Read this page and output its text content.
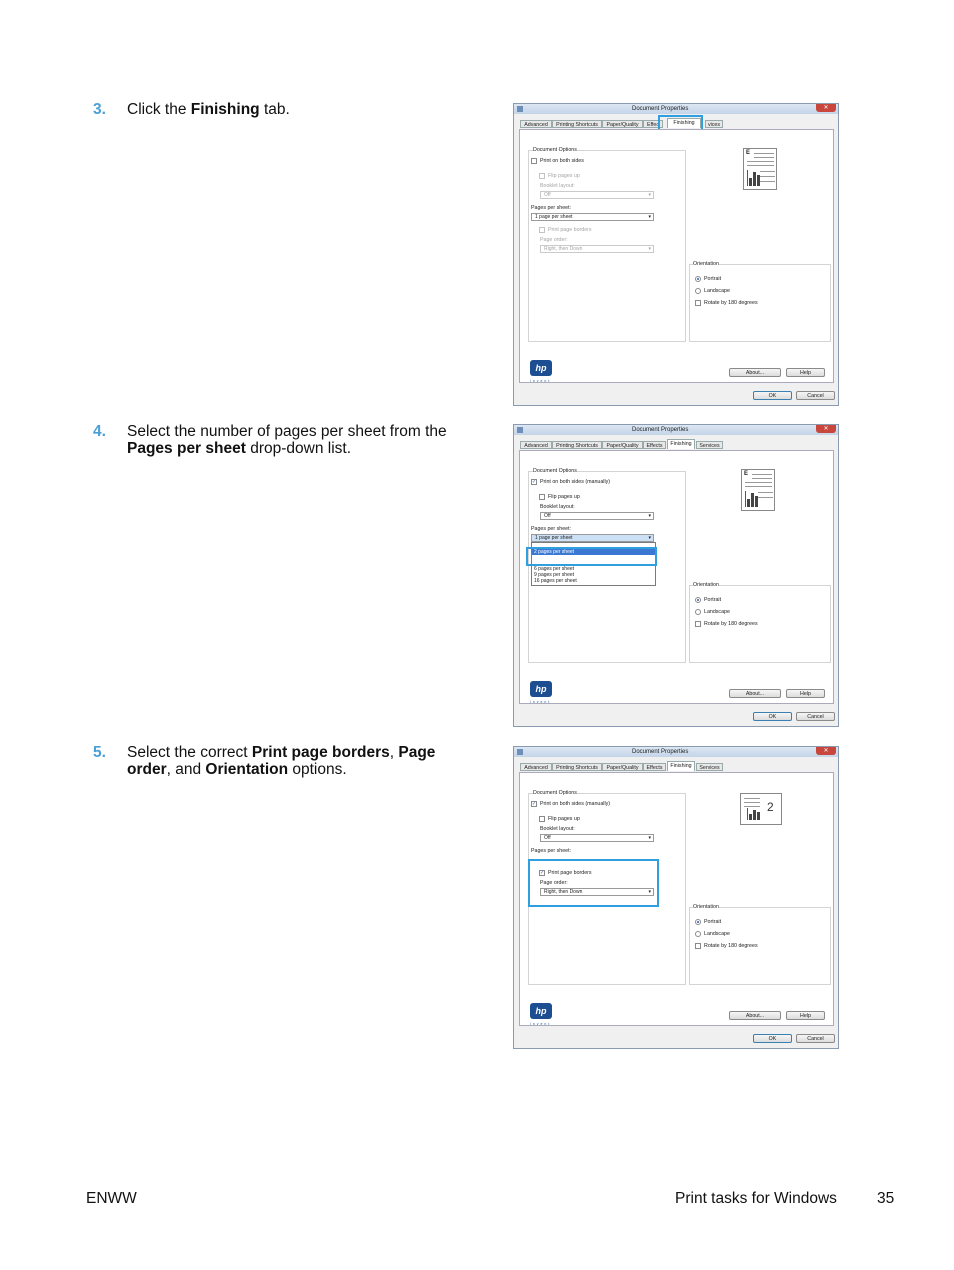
3. Click the Finishing tab.
4. Select the number of pages per sheet from the Pages per sheet drop-down list.
5. Select the correct Print page borders, Page order, and Orientation options.
Document Properties	✕
Advanced	Printing Shortcuts	Paper/Quality	Effec	Finishing	vices
Document Options
Print on both sides
Flip pages up
Booklet layout:
Off	▾
Pages per sheet:
1 page per sheet	▾
Print page borders
Page order:
Right, then Down	▾
E
Orientation
Portrait
Landscape
Rotate by 180 degrees
hp
invent
About...	Help
OK	Cancel
Document Properties	✕
Advanced	Printing Shortcuts	Paper/Quality	Effects	Finishing	Services
Document Options
✓ Print on both sides (manually)
Flip pages up
Booklet layout:
Off	▾
Pages per sheet:
1 page per sheet	▾
2 pages per sheet
6 pages per sheet
9 pages per sheet
16 pages per sheet
E
Orientation
Portrait
Landscape
Rotate by 180 degrees
hp
invent
About...	Help
OK	Cancel
Document Properties	✕
Advanced	Printing Shortcuts	Paper/Quality	Effects	Finishing	Services
Document Options
✓ Print on both sides (manually)
Flip pages up
Booklet layout:
Off	▾
Pages per sheet:
✓ Print page borders
Page order:
Right, then Down	▾
2
Orientation
Portrait
Landscape
Rotate by 180 degrees
hp
invent
About...	Help
OK	Cancel
ENWW	Print tasks for Windows	35
